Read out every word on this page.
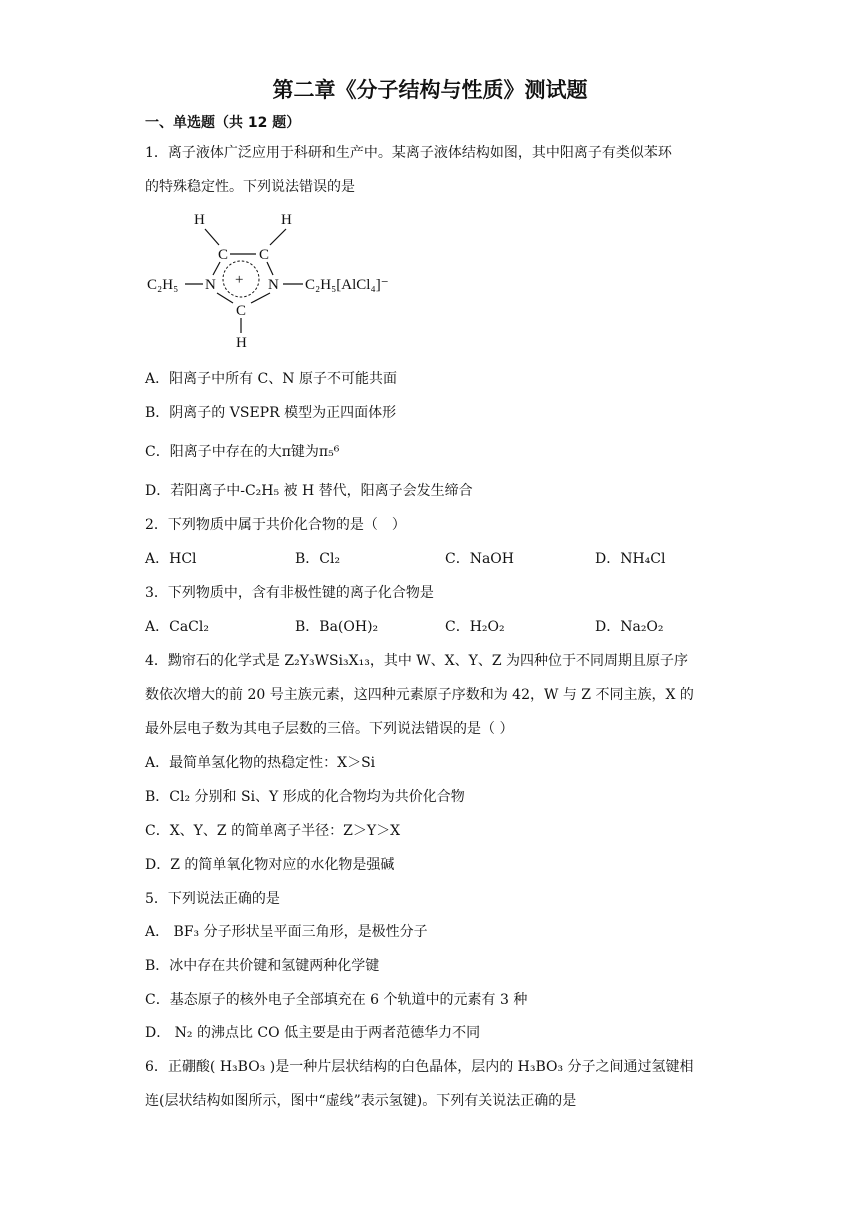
第二章《分子结构与性质》测试题
一、单选题（共 12 题）
1．离子液体广泛应用于科研和生产中。某离子液体结构如图，其中阳离子有类似苯环
的特殊稳定性。下列说法错误的是
H	H
C C
C₂H₅ N + N C₂H₅[AlCl₄]⁻
C
H
A．阳离子中所有 C、N 原子不可能共面
B．阴离子的 VSEPR 模型为正四面体形
C．阳离子中存在的大π键为π₅⁶
D．若阳离子中-C₂H₅ 被 H 替代，阳离子会发生缔合
2．下列物质中属于共价化合物的是（　）
A．HCl	B．Cl₂	C．NaOH	D．NH₄Cl
3．下列物质中，含有非极性键的离子化合物是
A．CaCl₂	B．Ba(OH)₂	C．H₂O₂	D．Na₂O₂
4．黝帘石的化学式是 Z₂Y₃WSi₃X₁₃，其中 W、X、Y、Z 为四种位于不同周期且原子序
数依次增大的前 20 号主族元素，这四种元素原子序数和为 42，W 与 Z 不同主族，X 的
最外层电子数为其电子层数的三倍。下列说法错误的是（ ）
A．最简单氢化物的热稳定性：X＞Si
B．Cl₂ 分别和 Si、Y 形成的化合物均为共价化合物
C．X、Y、Z 的简单离子半径：Z＞Y＞X
D．Z 的简单氧化物对应的水化物是强碱
5．下列说法正确的是
A． BF₃ 分子形状呈平面三角形，是极性分子
B．冰中存在共价键和氢键两种化学键
C．基态原子的核外电子全部填充在 6 个轨道中的元素有 3 种
D． N₂ 的沸点比 CO 低主要是由于两者范德华力不同
6．正硼酸( H₃BO₃ )是一种片层状结构的白色晶体，层内的 H₃BO₃ 分子之间通过氢键相
连(层状结构如图所示，图中“虚线”表示氢键)。下列有关说法正确的是
